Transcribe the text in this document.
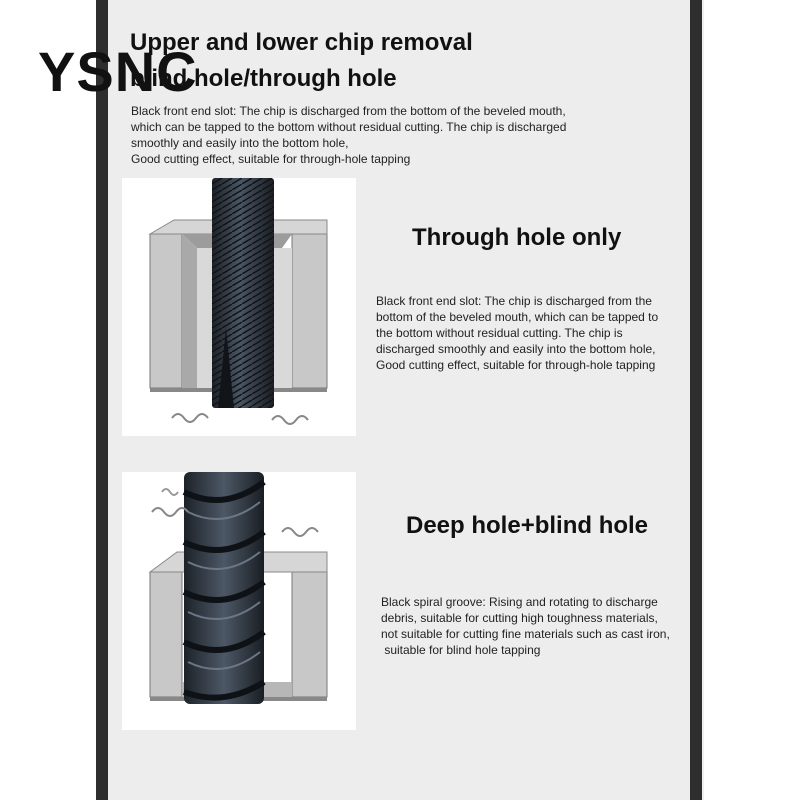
Upper and lower chip removal
blind hole/through hole
YSNC

Black front end slot: The chip is discharged from the bottom of the beveled mouth,
which can be tapped to the bottom without residual cutting. The chip is discharged
smoothly and easily into the bottom hole,
Good cutting effect, suitable for through-hole tapping

Through hole only

Black front end slot: The chip is discharged from the
bottom of the beveled mouth, which can be tapped to
the bottom without residual cutting. The chip is
discharged smoothly and easily into the bottom hole,
Good cutting effect, suitable for through-hole tapping

Deep hole+blind hole

Black spiral groove: Rising and rotating to discharge
debris, suitable for cutting high toughness materials,
not suitable for cutting fine materials such as cast iron,
suitable for blind hole tapping
